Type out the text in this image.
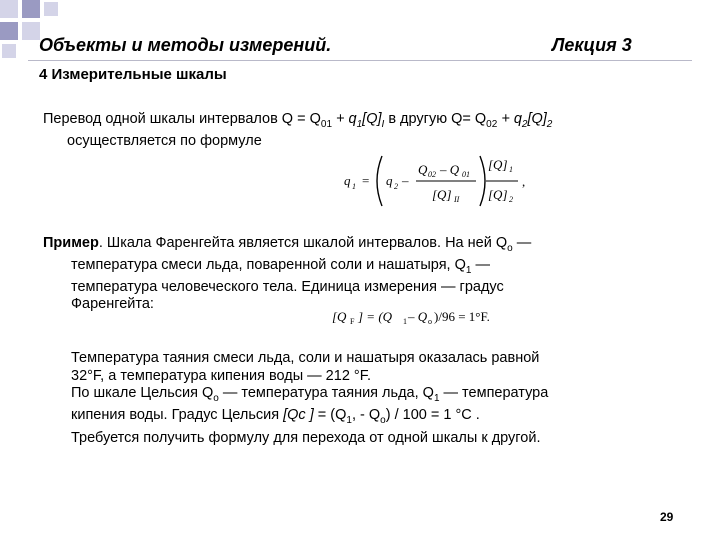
Объекты и методы измерений.	Лекция 3
4 Измерительные шкалы
Перевод одной шкалы интервалов $Q = Q_{01} + q_1[Q]_I$ в другую $Q= Q_{02} + q_2[Q]_2$
осуществляется по формуле
q 1 = q 2 –
Q 02 – Q 01
[Q] II
[Q] 1
[Q] 2
,
Пример. Шкала Фаренгейта является шкалой интервалов. На ней $Q_o$ —
температура смеси льда, поваренной соли и нашатыря, $Q_1$ —
температура человеческого тела. Единица измерения — градус
Фаренгейта:
[Q F ] = (Q 1 – Q o )/96 = 1°F.
Температура таяния смеси льда, соли и нашатыря оказалась равной
32°F, а температура кипения воды — 212 °F.
По шкале Цельсия $Q_o$ — температура таяния льда, $Q_1$ — температура
кипения воды. Градус Цельсия [Qc ] = ($Q_1$, - $Q_o) / 100 = 1$ °C .
Требуется получить формулу для перехода от одной шкалы к другой.
29
